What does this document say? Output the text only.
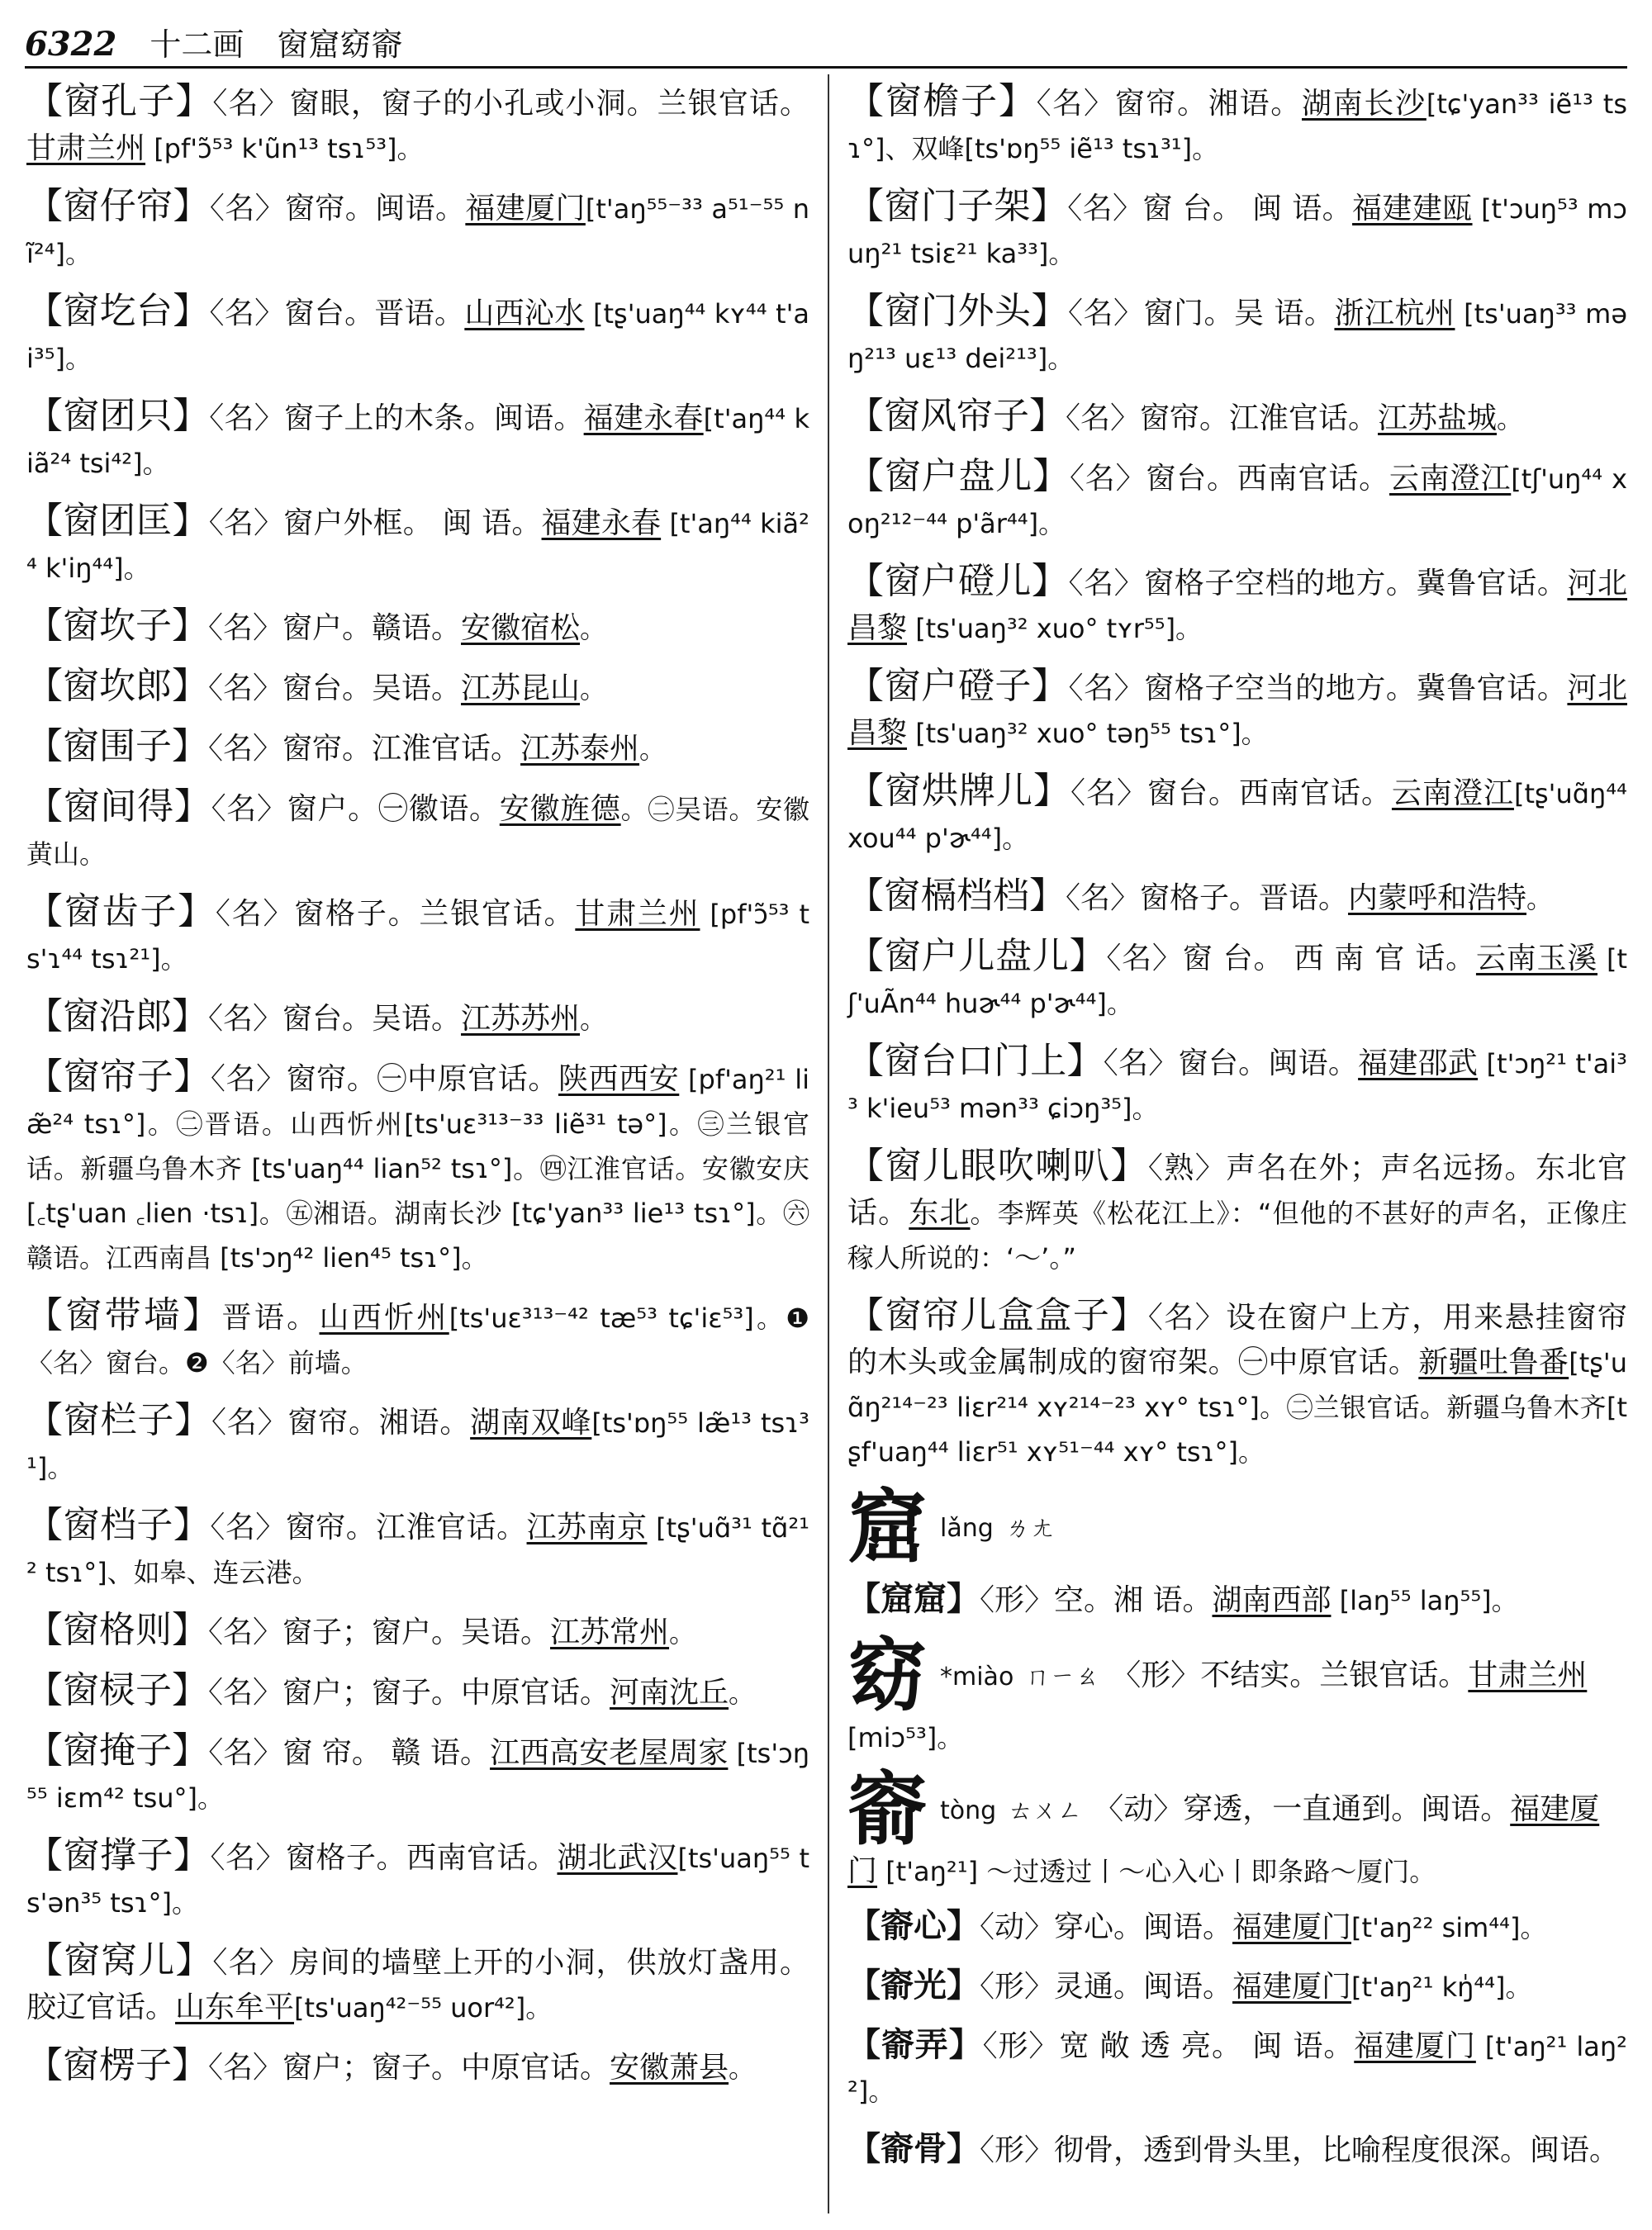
6322 十二画 窗窟窈窬
【窗孔子】〈名〉窗眼，窗子的小孔或小洞。兰银官话。甘肃兰州 [pf'ɔ̃⁵³ k'ũn¹³ tsɿ⁵³]。
【窗仔帘】〈名〉窗帘。闽语。福建厦门[t'aŋ⁵⁵⁻³³ a⁵¹⁻⁵⁵ nĩ²⁴]。
【窗圪台】〈名〉窗台。晋语。山西沁水 [tʂ'uaŋ⁴⁴ kʏ⁴⁴ t'ai³⁵]。
【窗团只】〈名〉窗子上的木条。闽语。福建永春[t'aŋ⁴⁴ kiã²⁴ tsi⁴²]。
【窗团匡】〈名〉窗户外框。 闽 语。福建永春 [t'aŋ⁴⁴ kiã²⁴ k'iŋ⁴⁴]。
【窗坎子】〈名〉窗户。赣语。安徽宿松。
【窗坎郎】〈名〉窗台。吴语。江苏昆山。
【窗围子】〈名〉窗帘。江淮官话。江苏泰州。
【窗间得】〈名〉窗户。㊀徽语。安徽旌德。㊁吴语。安徽黄山。
【窗齿子】〈名〉窗格子。兰银官话。甘肃兰州 [pf'ɔ̃⁵³ ts'ɿ⁴⁴ tsɿ²¹]。
【窗沿郎】〈名〉窗台。吴语。江苏苏州。
【窗帘子】〈名〉窗帘。㊀中原官话。陕西西安 [pf'aŋ²¹ liæ̃²⁴ tsɿ°]。㊁晋语。山西忻州[ts'uɛ³¹³⁻³³ liẽ³¹ tə°]。㊂兰银官话。新疆乌鲁木齐 [ts'uaŋ⁴⁴ lian⁵² tsɿ°]。㊃江淮官话。安徽安庆 [꜀tʂ'uan ꜀lien ·tsɿ]。㊄湘语。湖南长沙 [tɕ'yan³³ lie¹³ tsɿ°]。㊅赣语。江西南昌 [ts'ɔŋ⁴² lien⁴⁵ tsɿ°]。
【窗带墙】晋语。山西忻州[ts'uɛ³¹³⁻⁴² tæ⁵³ tɕ'iɛ⁵³]。❶〈名〉窗台。❷〈名〉前墙。
【窗栏子】〈名〉窗帘。湘语。湖南双峰[ts'ɒŋ⁵⁵ læ̃¹³ tsɿ³¹]。
【窗档子】〈名〉窗帘。江淮官话。江苏南京 [tʂ'uɑ̃³¹ tɑ̃²¹² tsɿ°]、如皋、连云港。
【窗格则】〈名〉窗子；窗户。吴语。江苏常州。
【窗棂子】〈名〉窗户；窗子。中原官话。河南沈丘。
【窗掩子】〈名〉窗 帘。 赣 语。江西高安老屋周家 [ts'ɔŋ⁵⁵ iɛm⁴² tsu°]。
【窗撑子】〈名〉窗格子。西南官话。湖北武汉[ts'uaŋ⁵⁵ ts'ən³⁵ tsɿ°]。
【窗窝儿】〈名〉房间的墙壁上开的小洞，供放灯盏用。胶辽官话。山东牟平[ts'uaŋ⁴²⁻⁵⁵ uor⁴²]。
【窗楞子】〈名〉窗户；窗子。中原官话。安徽萧县。
【窗檐子】〈名〉窗帘。湘语。湖南长沙[tɕ'yan³³ iẽ¹³ tsɿ°]、双峰[ts'ɒŋ⁵⁵ iẽ¹³ tsɿ³¹]。
【窗门子架】〈名〉窗 台。 闽 语。福建建瓯 [t'ɔuŋ⁵³ mɔuŋ²¹ tsiɛ²¹ ka³³]。
【窗门外头】〈名〉窗门。吴 语。浙江杭州 [ts'uaŋ³³ məŋ²¹³ uɛ¹³ dei²¹³]。
【窗风帘子】〈名〉窗帘。江淮官话。江苏盐城。
【窗户盘儿】〈名〉窗台。西南官话。云南澄江[tʃ'uŋ⁴⁴ xoŋ²¹²⁻⁴⁴ p'ãr⁴⁴]。
【窗户磴儿】〈名〉窗格子空档的地方。冀鲁官话。河北昌黎 [ts'uaŋ³² xuo° tʏr⁵⁵]。
【窗户磴子】〈名〉窗格子空当的地方。冀鲁官话。河北昌黎 [ts'uaŋ³² xuo° təŋ⁵⁵ tsɿ°]。
【窗烘牌儿】〈名〉窗台。西南官话。云南澄江[tʂ'uɑ̃ŋ⁴⁴ xou⁴⁴ p'ɚ⁴⁴]。
【窗槅档档】〈名〉窗格子。晋语。内蒙呼和浩特。
【窗户儿盘儿】〈名〉窗 台。 西 南 官 话。云南玉溪 [tʃ'uÃn⁴⁴ huɚ⁴⁴ p'ɚ⁴⁴]。
【窗台口门上】〈名〉窗台。闽语。福建邵武 [t'ɔŋ²¹ t'ai³³ k'ieu⁵³ mən³³ ɕiɔŋ³⁵]。
【窗儿眼吹喇叭】〈熟〉声名在外；声名远扬。东北官话。东北。李辉英《松花江上》：“但他的不甚好的声名，正像庄稼人所说的：‘～’。”
【窗帘儿盒盒子】〈名〉设在窗户上方，用来悬挂窗帘的木头或金属制成的窗帘架。㊀中原官话。新疆吐鲁番[tʂ'uɑ̃ŋ²¹⁴⁻²³ liɛr²¹⁴ xʏ²¹⁴⁻²³ xʏ° tsɿ°]。㊁兰银官话。新疆乌鲁木齐[tʂf'uaŋ⁴⁴ liɛr⁵¹ xʏ⁵¹⁻⁴⁴ xʏ° tsɿ°]。
窟lǎng ㄌㄤ
【窟窟】〈形〉空。湘 语。湖南西部 [laŋ⁵⁵ laŋ⁵⁵]。
窈 *miào ㄇㄧㄠ 〈形〉不结实。兰银官话。甘肃兰州 [miɔ⁵³]。
窬tòng ㄊㄨㄥ 〈动〉穿透，一直通到。闽语。福建厦门 [t'aŋ²¹] ～过透过丨～心入心丨即条路～厦门。
【窬心】〈动〉穿心。闽语。福建厦门[t'aŋ²² sim⁴⁴]。
【窬光】〈形〉灵通。闽语。福建厦门[t'aŋ²¹ kŋ̍⁴⁴]。
【窬弄】〈形〉宽 敞 透 亮。 闽 语。福建厦门 [t'aŋ²¹ laŋ²²]。
【窬骨】〈形〉彻骨，透到骨头里，比喻程度很深。闽语。
